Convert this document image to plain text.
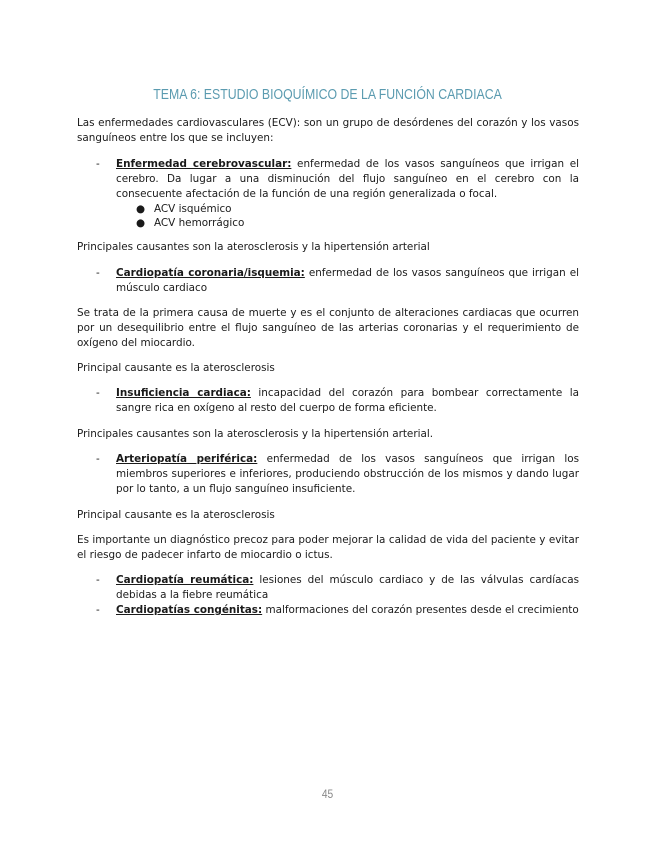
TEMA 6: ESTUDIO BIOQUÍMICO DE LA FUNCIÓN CARDIACA
Las enfermedades cardiovasculares (ECV): son un grupo de desórdenes del corazón y los vasos sanguíneos entre los que se incluyen:
- Enfermedad cerebrovascular: enfermedad de los vasos sanguíneos que irrigan el cerebro. Da lugar a una disminución del flujo sanguíneo en el cerebro con la consecuente afectación de la función de una región generalizada o focal.
● ACV isquémico
● ACV hemorrágico
Principales causantes son la aterosclerosis y la hipertensión arterial
- Cardiopatía coronaria/isquemia: enfermedad de los vasos sanguíneos que irrigan el músculo cardiaco
Se trata de la primera causa de muerte y es el conjunto de alteraciones cardiacas que ocurren por un desequilibrio entre el flujo sanguíneo de las arterias coronarias y el requerimiento de oxígeno del miocardio.
Principal causante es la aterosclerosis
- Insuficiencia cardiaca: incapacidad del corazón para bombear correctamente la sangre rica en oxígeno al resto del cuerpo de forma eficiente.
Principales causantes son la aterosclerosis y la hipertensión arterial.
- Arteriopatía periférica: enfermedad de los vasos sanguíneos que irrigan los miembros superiores e inferiores, produciendo obstrucción de los mismos y dando lugar por lo tanto, a un flujo sanguíneo insuficiente.
Principal causante es la aterosclerosis
Es importante un diagnóstico precoz para poder mejorar la calidad de vida del paciente y evitar el riesgo de padecer infarto de miocardio o ictus.
- Cardiopatía reumática: lesiones del músculo cardiaco y de las válvulas cardíacas debidas a la fiebre reumática
- Cardiopatías congénitas: malformaciones del corazón presentes desde el crecimiento
45
